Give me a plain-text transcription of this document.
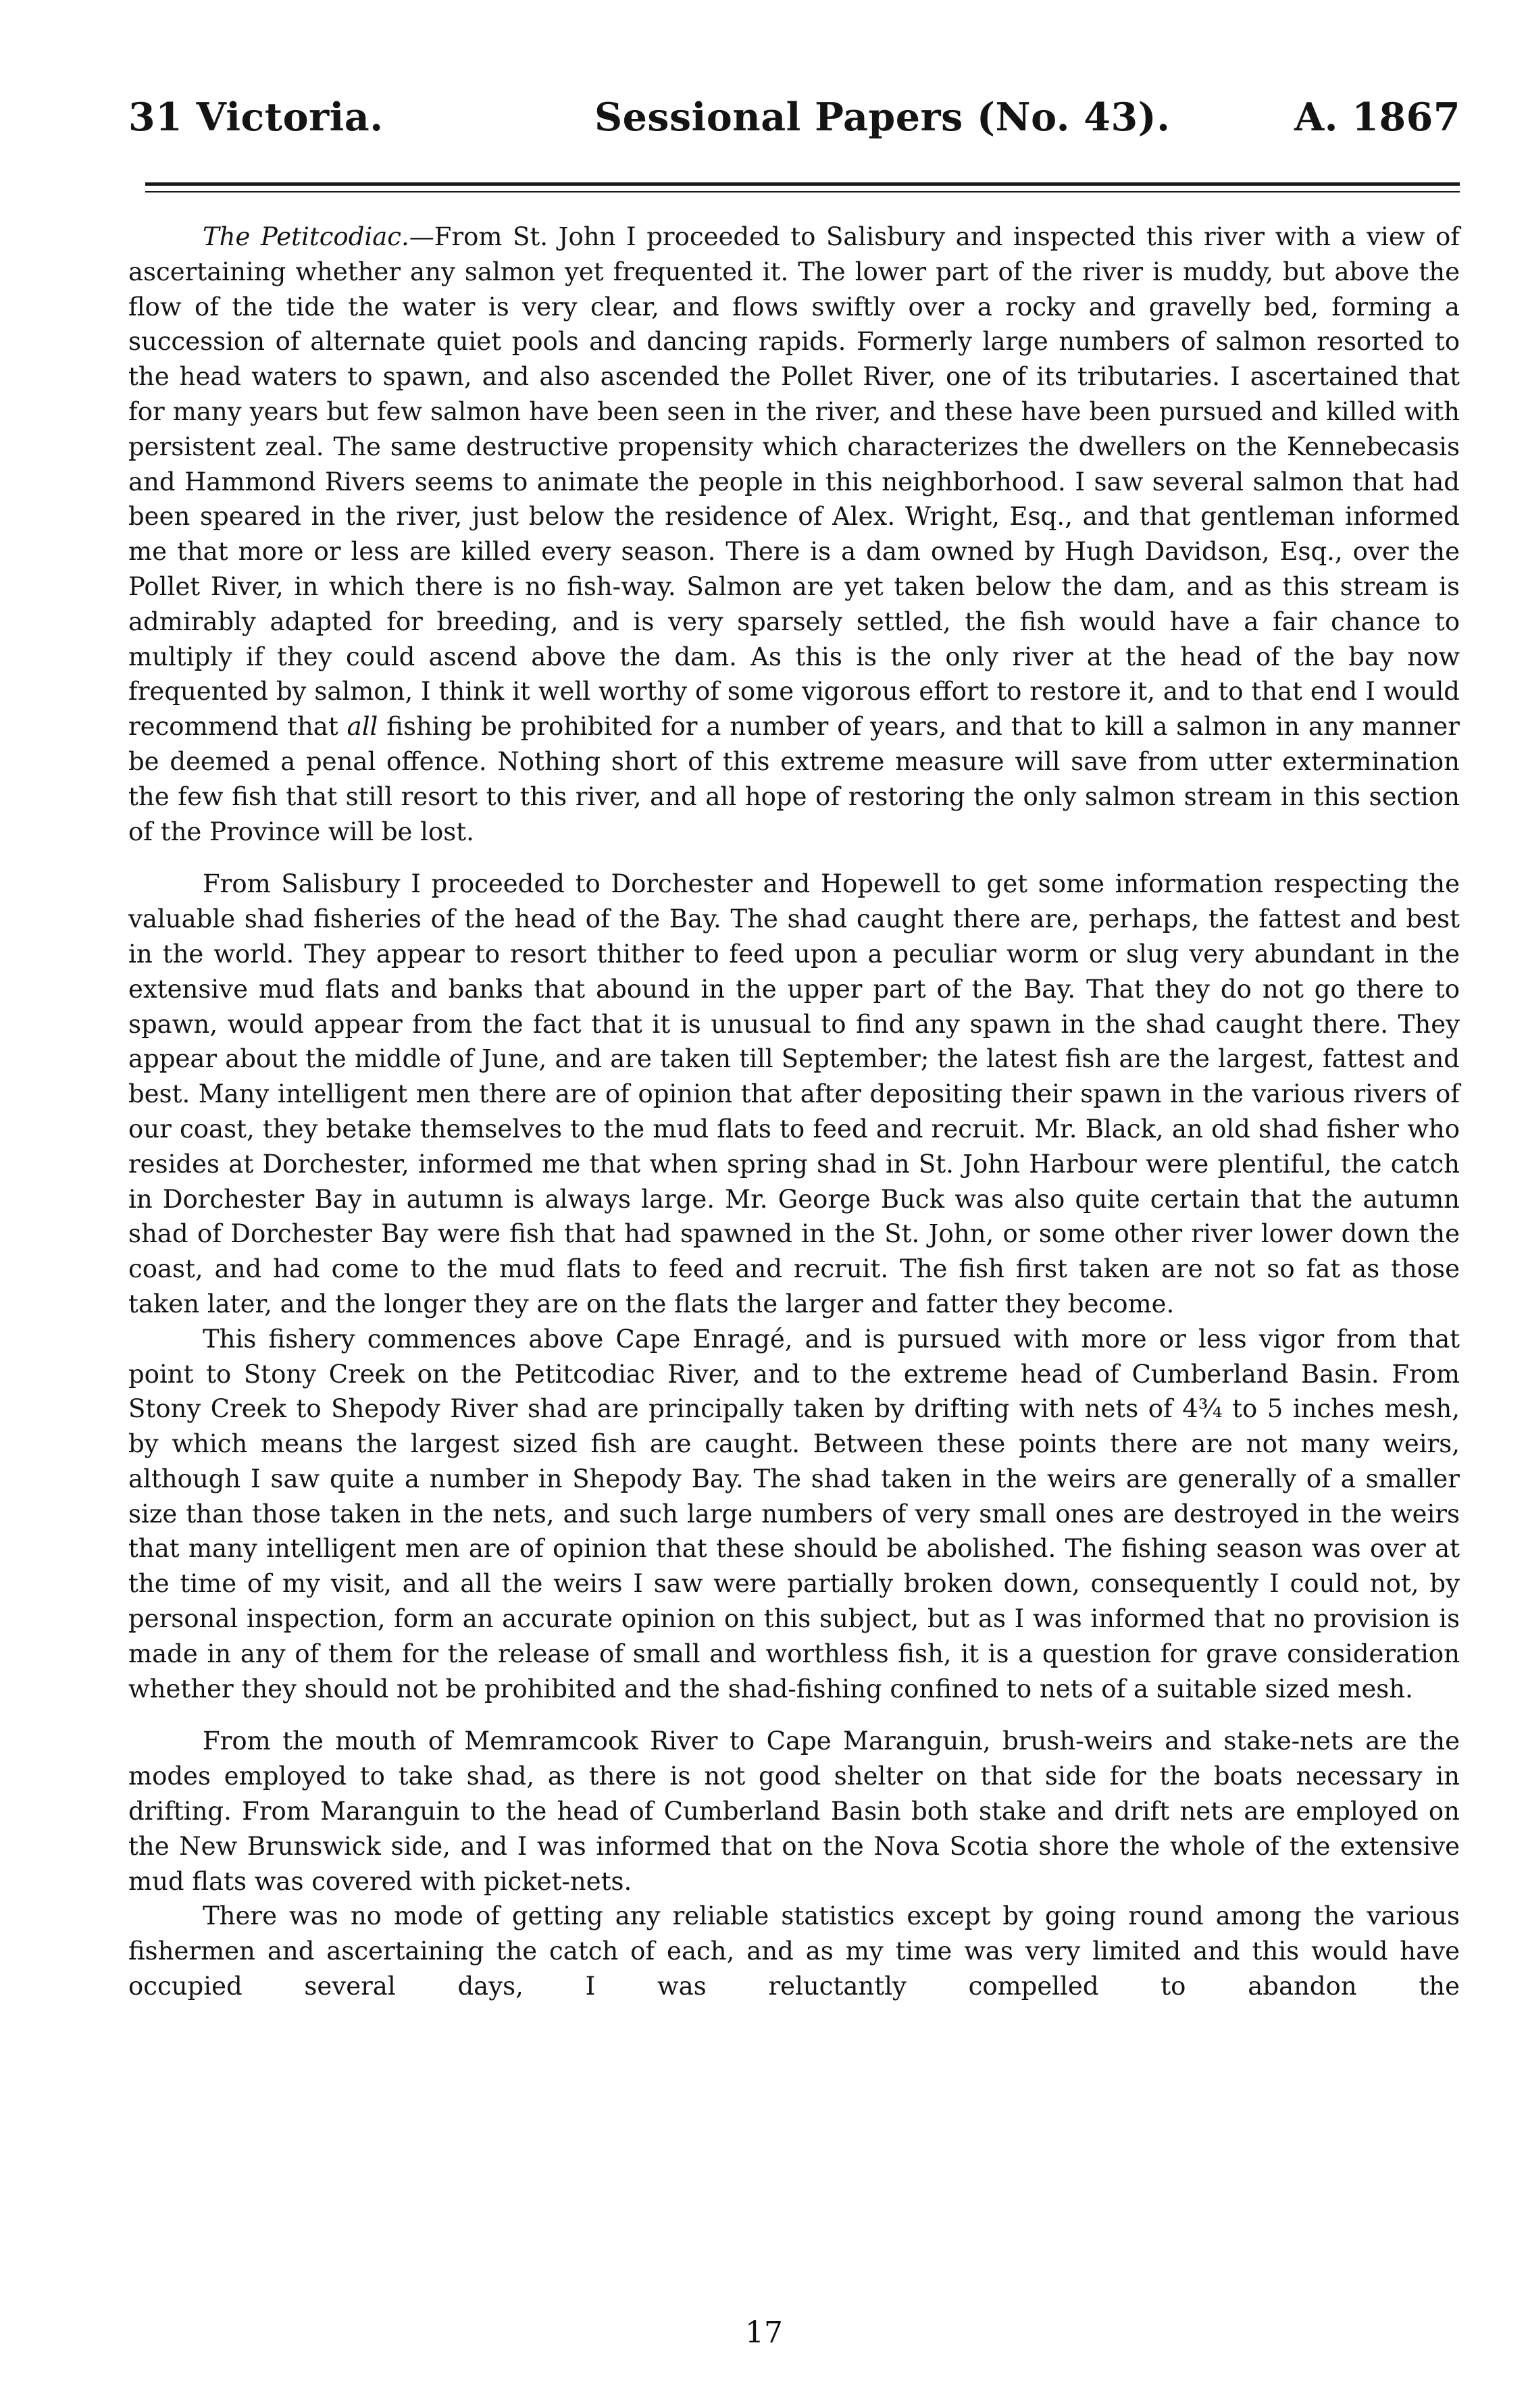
31 Victoria.	Sessional Papers (No. 43).	A. 1867

The Petitcodiac.—From St. John I proceeded to Salisbury and inspected this river with a view of ascertaining whether any salmon yet frequented it. The lower part of the river is muddy, but above the flow of the tide the water is very clear, and flows swiftly over a rocky and gravelly bed, forming a succession of alternate quiet pools and dancing rapids. Formerly large numbers of salmon resorted to the head waters to spawn, and also ascended the Pollet River, one of its tributaries. I ascertained that for many years but few salmon have been seen in the river, and these have been pursued and killed with persistent zeal. The same destructive propensity which characterizes the dwellers on the Kennebecasis and Hammond Rivers seems to animate the people in this neighborhood. I saw several salmon that had been speared in the river, just below the residence of Alex. Wright, Esq., and that gentleman informed me that more or less are killed every season. There is a dam owned by Hugh Davidson, Esq., over the Pollet River, in which there is no fish-way. Salmon are yet taken below the dam, and as this stream is admirably adapted for breeding, and is very sparsely settled, the fish would have a fair chance to multiply if they could ascend above the dam. As this is the only river at the head of the bay now frequented by salmon, I think it well worthy of some vigorous effort to restore it, and to that end I would recommend that all fishing be prohibited for a number of years, and that to kill a salmon in any manner be deemed a penal offence. Nothing short of this extreme measure will save from utter extermination the few fish that still resort to this river, and all hope of restoring the only salmon stream in this section of the Province will be lost.

From Salisbury I proceeded to Dorchester and Hopewell to get some information respecting the valuable shad fisheries of the head of the Bay. The shad caught there are, perhaps, the fattest and best in the world. They appear to resort thither to feed upon a peculiar worm or slug very abundant in the extensive mud flats and banks that abound in the upper part of the Bay. That they do not go there to spawn, would appear from the fact that it is unusual to find any spawn in the shad caught there. They appear about the middle of June, and are taken till September; the latest fish are the largest, fattest and best. Many intelligent men there are of opinion that after depositing their spawn in the various rivers of our coast, they betake themselves to the mud flats to feed and recruit. Mr. Black, an old shad fisher who resides at Dorchester, informed me that when spring shad in St. John Harbour were plentiful, the catch in Dorchester Bay in autumn is always large. Mr. George Buck was also quite certain that the autumn shad of Dorchester Bay were fish that had spawned in the St. John, or some other river lower down the coast, and had come to the mud flats to feed and recruit. The fish first taken are not so fat as those taken later, and the longer they are on the flats the larger and fatter they become.

This fishery commences above Cape Enragé, and is pursued with more or less vigor from that point to Stony Creek on the Petitcodiac River, and to the extreme head of Cumberland Basin. From Stony Creek to Shepody River shad are principally taken by drifting with nets of 4¾ to 5 inches mesh, by which means the largest sized fish are caught. Between these points there are not many weirs, although I saw quite a number in Shepody Bay. The shad taken in the weirs are generally of a smaller size than those taken in the nets, and such large numbers of very small ones are destroyed in the weirs that many intelligent men are of opinion that these should be abolished. The fishing season was over at the time of my visit, and all the weirs I saw were partially broken down, consequently I could not, by personal inspection, form an accurate opinion on this subject, but as I was informed that no provision is made in any of them for the release of small and worthless fish, it is a question for grave consideration whether they should not be prohibited and the shad-fishing confined to nets of a suitable sized mesh.

From the mouth of Memramcook River to Cape Maranguin, brush-weirs and stake-nets are the modes employed to take shad, as there is not good shelter on that side for the boats necessary in drifting. From Maranguin to the head of Cumberland Basin both stake and drift nets are employed on the New Brunswick side, and I was informed that on the Nova Scotia shore the whole of the extensive mud flats was covered with picket-nets.

There was no mode of getting any reliable statistics except by going round among the various fishermen and ascertaining the catch of each, and as my time was very limited and this would have occupied several days, I was reluctantly compelled to abandon the

17
